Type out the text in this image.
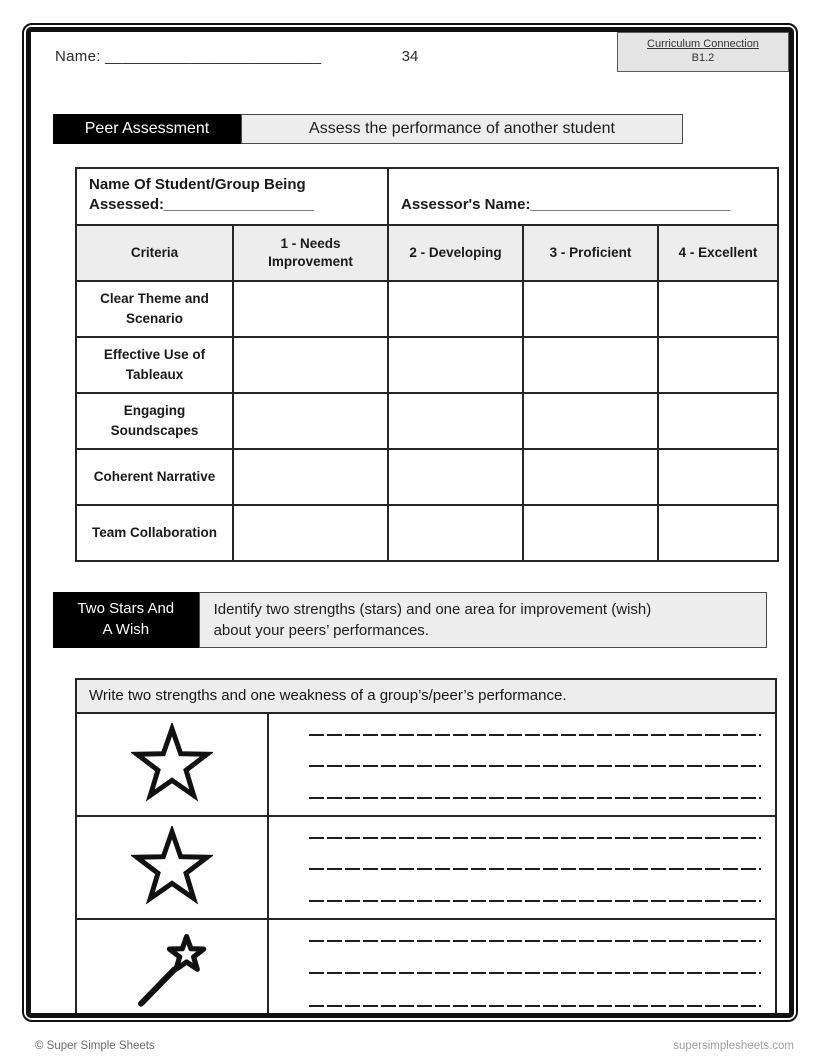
Name: _________________________	34
Curriculum Connection
B1.2
Peer Assessment	Assess the performance of another student
Name Of Student/Group Being Assessed:__________________		Assessor's Name:________________________		
Criteria	1 - Needs Improvement	2 - Developing	3 - Proficient	4 - Excellent
Clear Theme and Scenario				
Effective Use of Tableaux				
Engaging Soundscapes				
Coherent Narrative				
Team Collaboration				
Two Stars And
A Wish
Identify two strengths (stars) and one area for improvement (wish)
about your peers’ performances.
Write two strengths and one weakness of a group’s/peer’s performance.
© Super Simple Sheets	supersimplesheets.com
